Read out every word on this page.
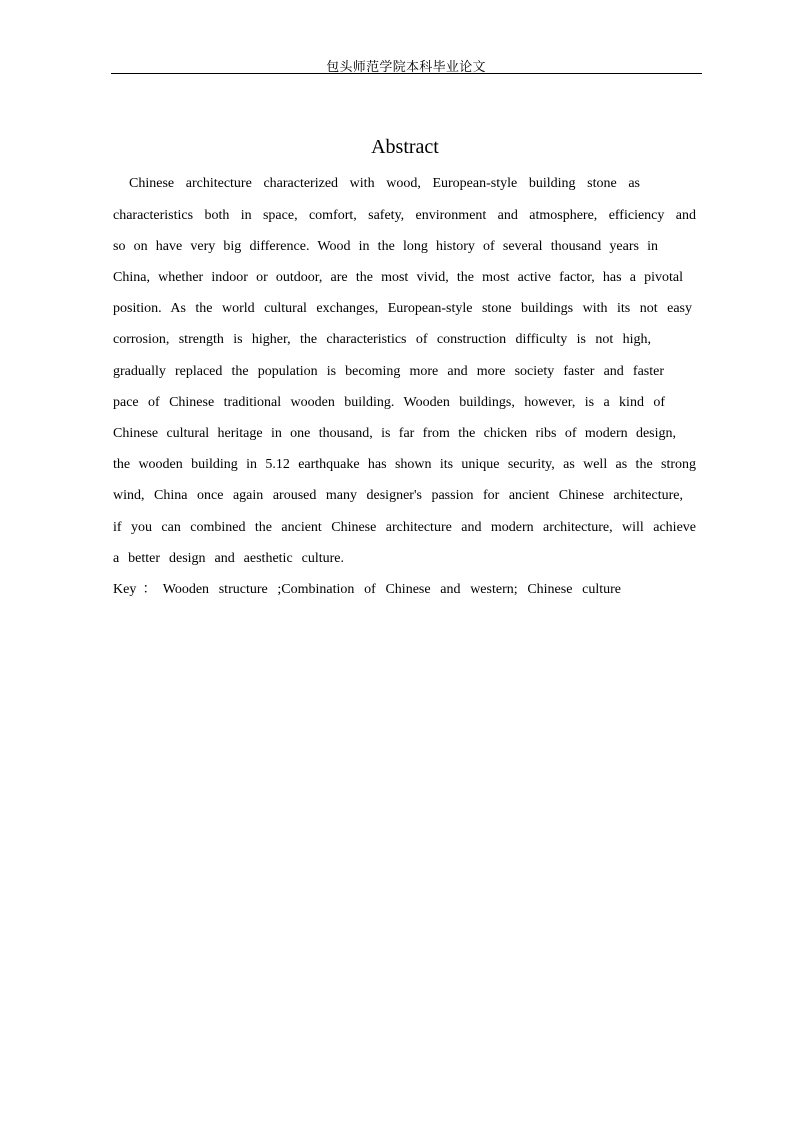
包头师范学院本科毕业论文
Abstract
Chinese architecture characterized with wood, European-style building stone as
characteristics both in space, comfort, safety, environment and atmosphere, efficiency and
so on have very big difference. Wood in the long history of several thousand years in
China, whether indoor or outdoor, are the most vivid, the most active factor, has a pivotal
position. As the world cultural exchanges, European-style stone buildings with its not easy
corrosion, strength is higher, the characteristics of construction difficulty is not high,
gradually replaced the population is becoming more and more society faster and faster
pace of Chinese traditional wooden building. Wooden buildings, however, is a kind of
Chinese cultural heritage in one thousand, is far from the chicken ribs of modern design,
the wooden building in 5.12 earthquake has shown its unique security, as well as the strong
wind, China once again aroused many designer's passion for ancient Chinese architecture,
if you can combined the ancient Chinese architecture and modern architecture, will achieve
a better design and aesthetic culture.
Key：Wooden structure ;Combination of Chinese and western; Chinese culture
